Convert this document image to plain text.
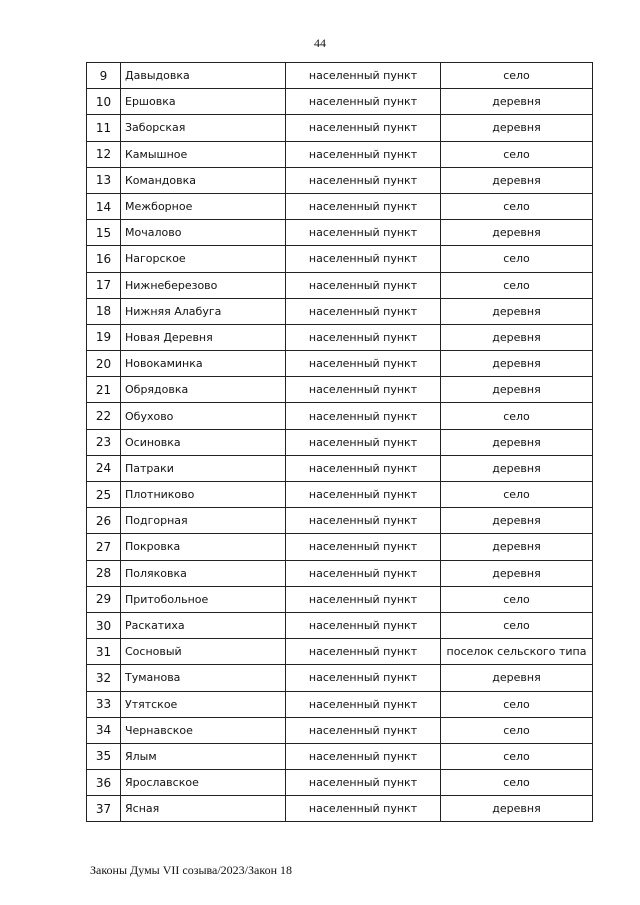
44
9	Давыдовка	населенный пункт	село
10	Ершовка	населенный пункт	деревня
11	Заборская	населенный пункт	деревня
12	Камышное	населенный пункт	село
13	Командовка	населенный пункт	деревня
14	Межборное	населенный пункт	село
15	Мочалово	населенный пункт	деревня
16	Нагорское	населенный пункт	село
17	Нижнеберезово	населенный пункт	село
18	Нижняя Алабуга	населенный пункт	деревня
19	Новая Деревня	населенный пункт	деревня
20	Новокаминка	населенный пункт	деревня
21	Обрядовка	населенный пункт	деревня
22	Обухово	населенный пункт	село
23	Осиновка	населенный пункт	деревня
24	Патраки	населенный пункт	деревня
25	Плотниково	населенный пункт	село
26	Подгорная	населенный пункт	деревня
27	Покровка	населенный пункт	деревня
28	Поляковка	населенный пункт	деревня
29	Притобольное	населенный пункт	село
30	Раскатиха	населенный пункт	село
31	Сосновый	населенный пункт	поселок сельского типа
32	Туманова	населенный пункт	деревня
33	Утятское	населенный пункт	село
34	Чернавское	населенный пункт	село
35	Ялым	населенный пункт	село
36	Ярославское	населенный пункт	село
37	Ясная	населенный пункт	деревня
Законы Думы VII созыва/2023/Закон 18
